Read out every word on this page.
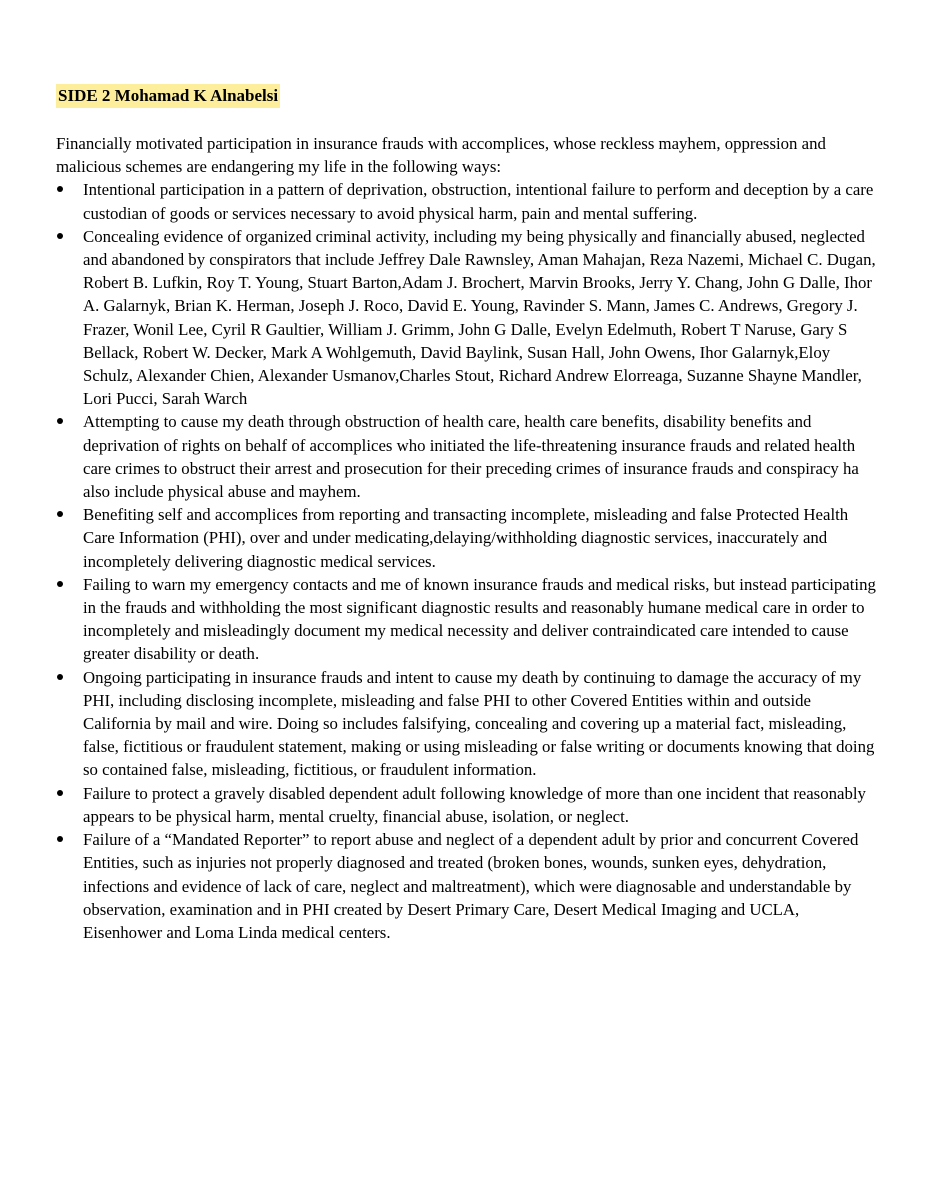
SIDE 2 Mohamad K Alnabelsi

Financially motivated participation in insurance frauds with accomplices, whose reckless mayhem, oppression and malicious schemes are endangering my life in the following ways:

Intentional participation in a pattern of deprivation, obstruction, intentional failure to perform and deception by a care custodian of goods or services necessary to avoid physical harm, pain and mental suffering.
Concealing evidence of organized criminal activity, including my being physically and financially abused, neglected and abandoned by conspirators that include Jeffrey Dale Rawnsley, Aman Mahajan, Reza Nazemi, Michael C. Dugan, Robert B. Lufkin, Roy T. Young, Stuart Barton,Adam J. Brochert, Marvin Brooks, Jerry Y. Chang, John G Dalle, Ihor A. Galarnyk, Brian K. Herman, Joseph J. Roco, David E. Young, Ravinder S. Mann, James C. Andrews, Gregory J. Frazer, Wonil Lee, Cyril R Gaultier, William J. Grimm, John G Dalle, Evelyn Edelmuth, Robert T Naruse, Gary S Bellack, Robert W. Decker, Mark A Wohlgemuth, David Baylink, Susan Hall, John Owens, Ihor Galarnyk,Eloy Schulz, Alexander Chien, Alexander Usmanov,Charles Stout, Richard Andrew Elorreaga, Suzanne Shayne Mandler, Lori Pucci, Sarah Warch
Attempting to cause my death through obstruction of health care, health care benefits, disability benefits and deprivation of rights on behalf of accomplices who initiated the life-threatening insurance frauds and related health care crimes to obstruct their arrest and prosecution for their preceding crimes of insurance frauds and conspiracy ha also include physical abuse and mayhem.
Benefiting self and accomplices from reporting and transacting incomplete, misleading and false Protected Health Care Information (PHI), over and under medicating,delaying/withholding diagnostic services, inaccurately and incompletely delivering diagnostic medical services.
Failing to warn my emergency contacts and me of known insurance frauds and medical risks, but instead participating in the frauds and withholding the most significant diagnostic results and reasonably humane medical care in order to incompletely and misleadingly document my medical necessity and deliver contraindicated care intended to cause greater disability or death.
Ongoing participating in insurance frauds and intent to cause my death by continuing to damage the accuracy of my PHI, including disclosing incomplete, misleading and false PHI to other Covered Entities within and outside California by mail and wire. Doing so includes falsifying, concealing and covering up a material fact, misleading, false, fictitious or fraudulent statement, making or using misleading or false writing or documents knowing that doing so contained false, misleading, fictitious, or fraudulent information.
Failure to protect a gravely disabled dependent adult following knowledge of more than one incident that reasonably appears to be physical harm, mental cruelty, financial abuse, isolation, or neglect.
Failure of a “Mandated Reporter” to report abuse and neglect of a dependent adult by prior and concurrent Covered Entities, such as injuries not properly diagnosed and treated (broken bones, wounds, sunken eyes, dehydration, infections and evidence of lack of care, neglect and maltreatment), which were diagnosable and understandable by observation, examination and in PHI created by Desert Primary Care, Desert Medical Imaging and UCLA, Eisenhower and Loma Linda medical centers.
